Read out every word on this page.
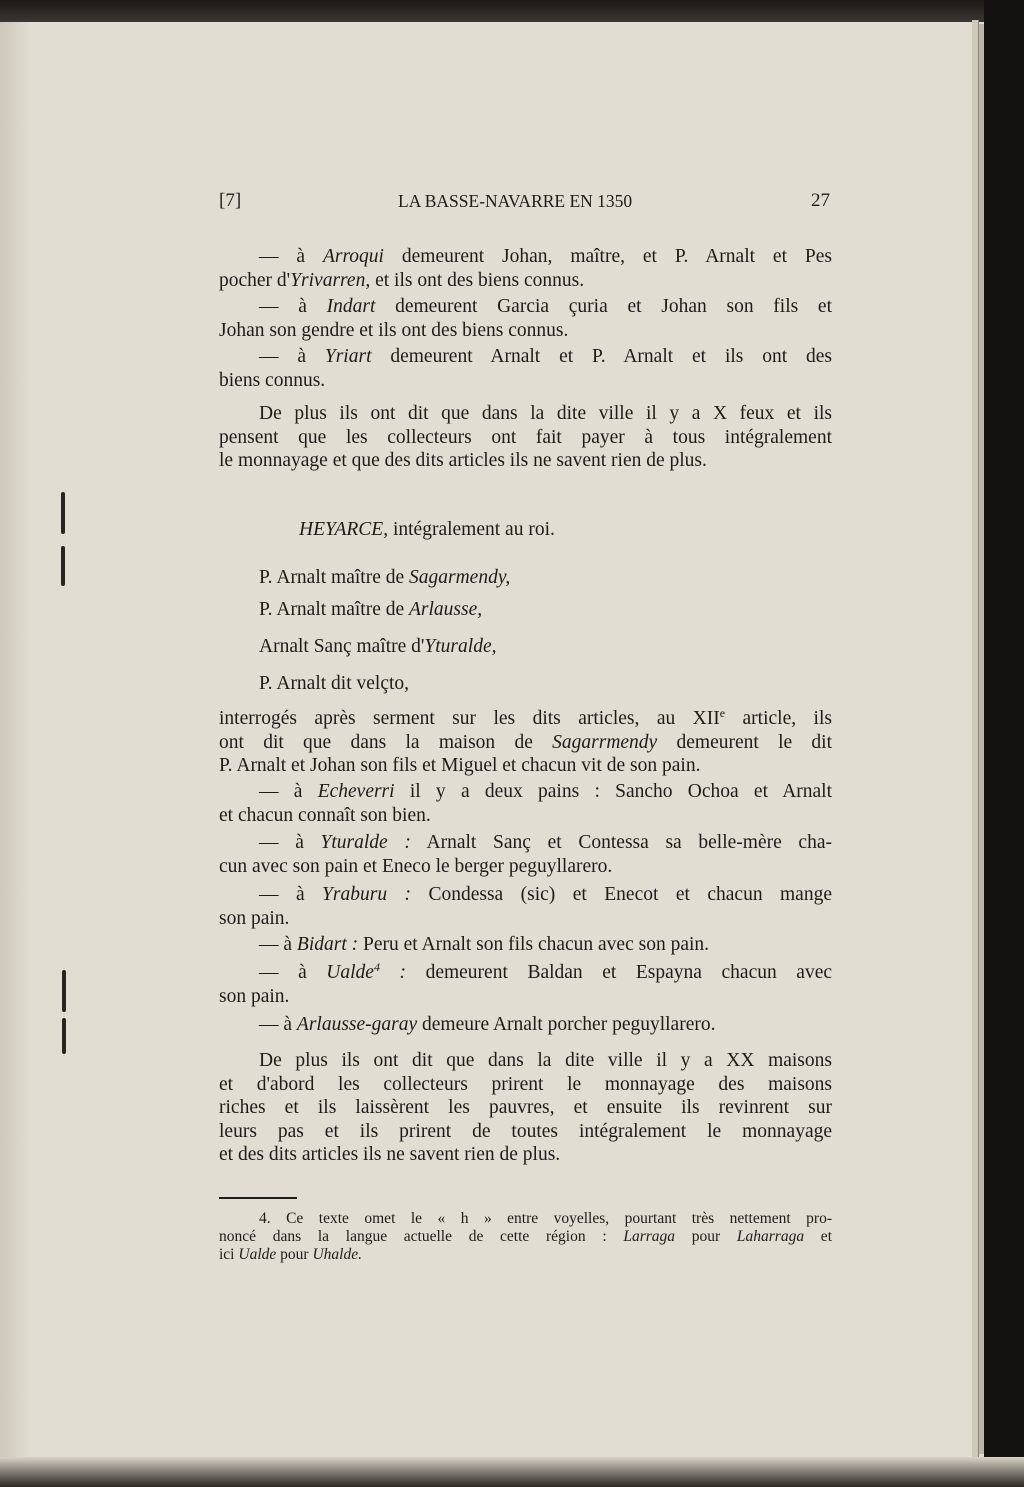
[7]	LA BASSE-NAVARRE EN 1350	27
— à Arroqui demeurent Johan, maître, et P. Arnalt et Pes
pocher d'Yrivarren, et ils ont des biens connus.
— à Indart demeurent Garcia çuria et Johan son fils et
Johan son gendre et ils ont des biens connus.
— à Yriart demeurent Arnalt et P. Arnalt et ils ont des
biens connus.
De plus ils ont dit que dans la dite ville il y a X feux et ils
pensent que les collecteurs ont fait payer à tous intégralement
le monnayage et que des dits articles ils ne savent rien de plus.
HEYARCE, intégralement au roi.
P. Arnalt maître de Sagarmendy,
P. Arnalt maître de Arlausse,
Arnalt Sanç maître d'Yturalde,
P. Arnalt dit velçto,
interrogés après serment sur les dits articles, au XIIe article, ils
ont dit que dans la maison de Sagarrmendy demeurent le dit
P. Arnalt et Johan son fils et Miguel et chacun vit de son pain.
— à Echeverri il y a deux pains : Sancho Ochoa et Arnalt
et chacun connaît son bien.
— à Yturalde : Arnalt Sanç et Contessa sa belle-mère cha-
cun avec son pain et Eneco le berger peguyllarero.
— à Yraburu : Condessa (sic) et Enecot et chacun mange
son pain.
— à Bidart : Peru et Arnalt son fils chacun avec son pain.
— à Ualde$^4$ : demeurent Baldan et Espayna chacun avec
son pain.
— à Arlausse-garay demeure Arnalt porcher peguyllarero.
De plus ils ont dit que dans la dite ville il y a XX maisons
et d'abord les collecteurs prirent le monnayage des maisons
riches et ils laissèrent les pauvres, et ensuite ils revinrent sur
leurs pas et ils prirent de toutes intégralement le monnayage
et des dits articles ils ne savent rien de plus.
4. Ce texte omet le « h » entre voyelles, pourtant très nettement pro-
noncé dans la langue actuelle de cette région : Larraga pour Laharraga et
ici Ualde pour Uhalde.
